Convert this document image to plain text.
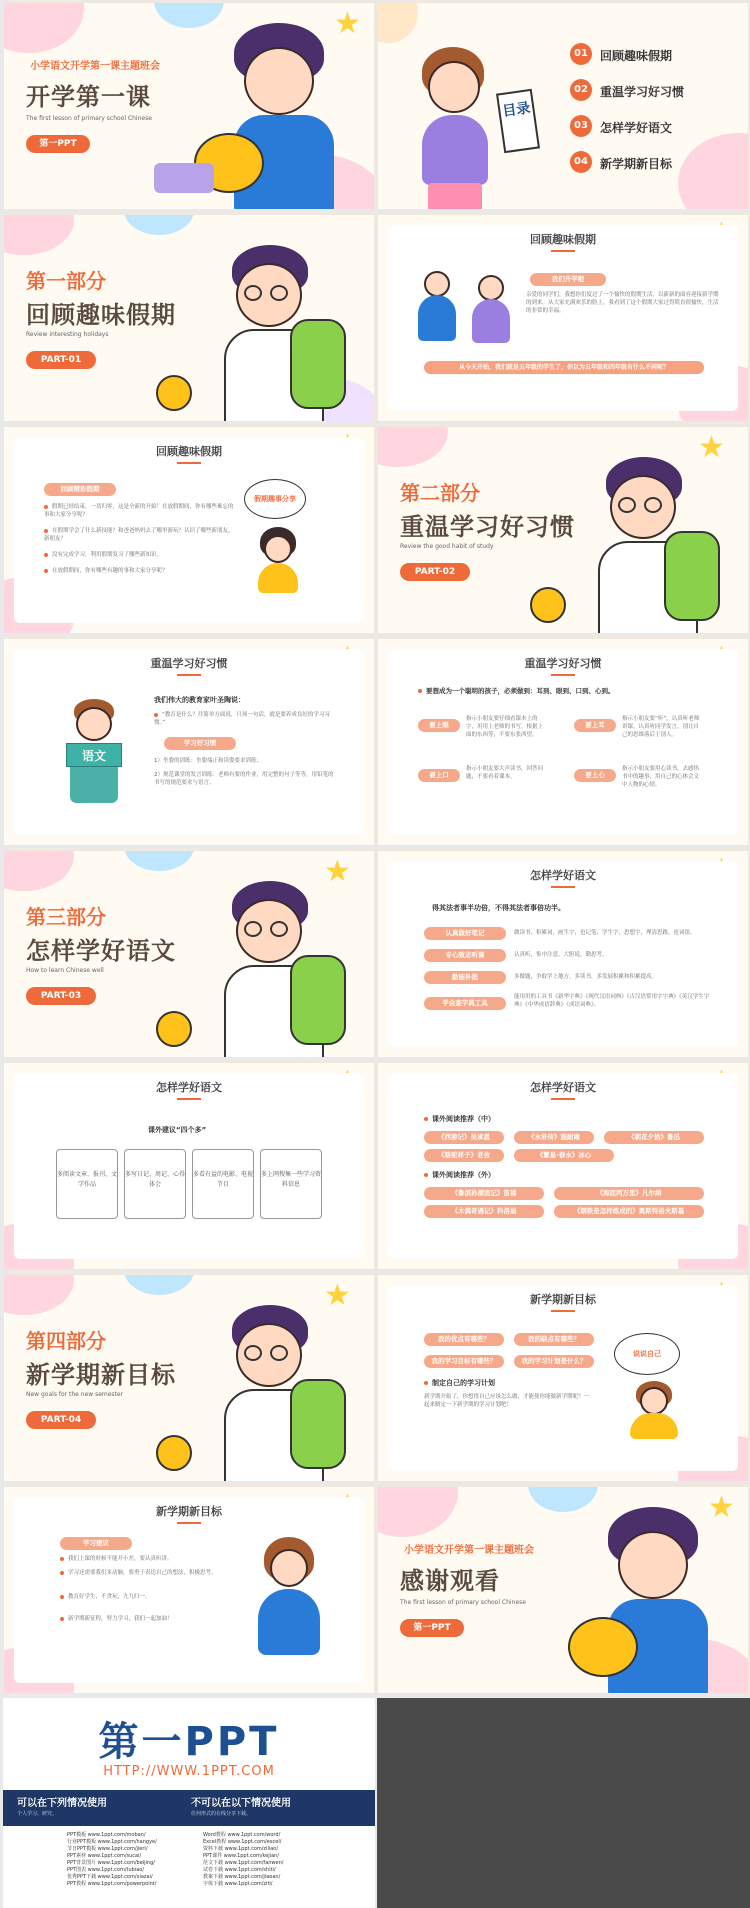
★
小学语文开学第一课主题班会
开学第一课
The first lesson of primary school Chinese
第一PPT
目录
01	回顾趣味假期
02	重温学习好习惯
03	怎样学好语文
04	新学期新目标
第一部分
回顾趣味假期
Review interesting holidays
PART-01
回顾趣味假期
我们开学啦
亲爱的同学们，我想你们度过了一个愉快的假期生活，以新新的面容迎接新学期的到来。从大家充满欢乐的脸上，我看到了这个假期大家过得简直很愉快，生活的非常的幸福。
从今天开始，我们就是五年级的学生了，你以为五年级和四年级有什么不同呢？
回顾趣味假期
回顾精彩假期
假期已经结束，一切归零，这是全新的开始！在放假期间，你有哪些难忘的事和大家分享呢？
在假期学会了什么新技能？和爸爸妈妈去了哪里游玩？认识了哪些新朋友，新朋友？
没有完成学习，利用假期复习了哪些新知识。
在放假期间，你有哪些有趣的事和大家分享呢？
假期趣事分享
★
第二部分
重温学习好习惯
Review the good habit of study
PART-02
重温学习好习惯
语文
我们伟大的教育家叶圣陶说：
“教育是什么？往简单方面说，只须一句话，就是要养成良好的学习习惯。”
学习好习惯
1）坐姿的训练：坐姿端正和读姿要求训练；
2）规范课堂的发言训练：老师有要的作业，用完整的句子等等，用铅笔的书写的规范要求与语言。
重温学习好习惯
要想成为一个聪明的孩子，必须做到：耳到、眼到、口到、心到。
要上眼
指示小朋友要仔细看课本上的字，用用上老师的书写，根据上面的东西等，不要东张西望。
要上口
指示小朋友要大声读书，回答问题，不要看着课本。
要上耳
指示小朋友要“听”，认真听老师讲课，认真听同学发言，别让自己的思维落后于别人。
要上心
指示小朋友要用心读书，去感悟书中的趣事，用自己的心体会文中人物的心情。
★
第三部分
怎样学好语文
How to learn Chinese well
PART-03
怎样学好语文
得其法者事半功倍，不得其法者事倍功半。
认真做好笔记	做读书，积累词，画生字，也记笔，学生字，思想字，理清思路，连词组。
专心致志听课	认真听，集中注意，大胆说，勤思考。
勤能补拙	多做题，争取学上地方，多读书，多发展积累和积累提高。
学会查字典工具
能用用的工具书《新华字典》《现代汉语词典》《古汉语常用字字典》《英汉学生字典》《中华成语辞典》《成语词典》。
怎样学好语文
课外建议“四个多”
多阅读文章、报刊、文学作品
多写日记、周记、心得体会
多看有益的电影、电视节目
多上网搜集一些学习资料信息
怎样学好语文
课外阅读推荐（中）
《西游记》吴承恩	《水浒传》施耐庵	《朝花夕拾》鲁迅
《骆驼祥子》老舍	《繁星·春水》冰心
课外阅读推荐（外）
《鲁滨孙漂流记》笛福	《海底两万里》凡尔纳
《木偶奇遇记》科洛迪	《钢铁是怎样炼成的》奥斯特洛夫斯基
★
第四部分
新学期新目标
New goals for the new semester
PART-04
新学期新目标
我的优点有哪些？	我的缺点有哪些？
我的学习目标有哪些？	我的学习计划是什么？
制定自己的学习计划
新学期开始了，你想得自己应该怎么做，才能使你能做新学期呢？一起来制定一下新学期的学习计划吧！
说说自己
新学期新目标
学习建议
我们上课的时候不能开小差，要认真听讲。
学习还需要我们多动脑，要勇于表达自己的想法，积极思考。
教育好学生，不贪玩，九九归一。
新学期新征程，努力学习，我们一起加油！
★
小学语文开学第一课主题班会
感谢观看
The first lesson of primary school Chinese
第一PPT
第一PPT
HTTP://WWW.1PPT.COM
可以在下列情况使用
个人学习、研究。
不可以在以下情况使用
任何形式的在线分享下载。
PPT模板 www.1ppt.com/moban/
行业PPT模板 www.1ppt.com/hangye/
节日PPT模板 www.1ppt.com/jieri/
PPT素材 www.1ppt.com/sucai/
PPT背景图片 www.1ppt.com/beijing/
PPT图表 www.1ppt.com/tubiao/
优秀PPT下载 www.1ppt.com/xiazai/
PPT教程 www.1ppt.com/powerpoint/
Word教程 www.1ppt.com/word/
Excel教程 www.1ppt.com/excel/
资料下载 www.1ppt.com/ziliao/
PPT课件 www.1ppt.com/kejian/
范文下载 www.1ppt.com/fanwen/
试卷下载 www.1ppt.com/shiti/
教案下载 www.1ppt.com/jiaoan/
字体下载 www.1ppt.com/ziti/
